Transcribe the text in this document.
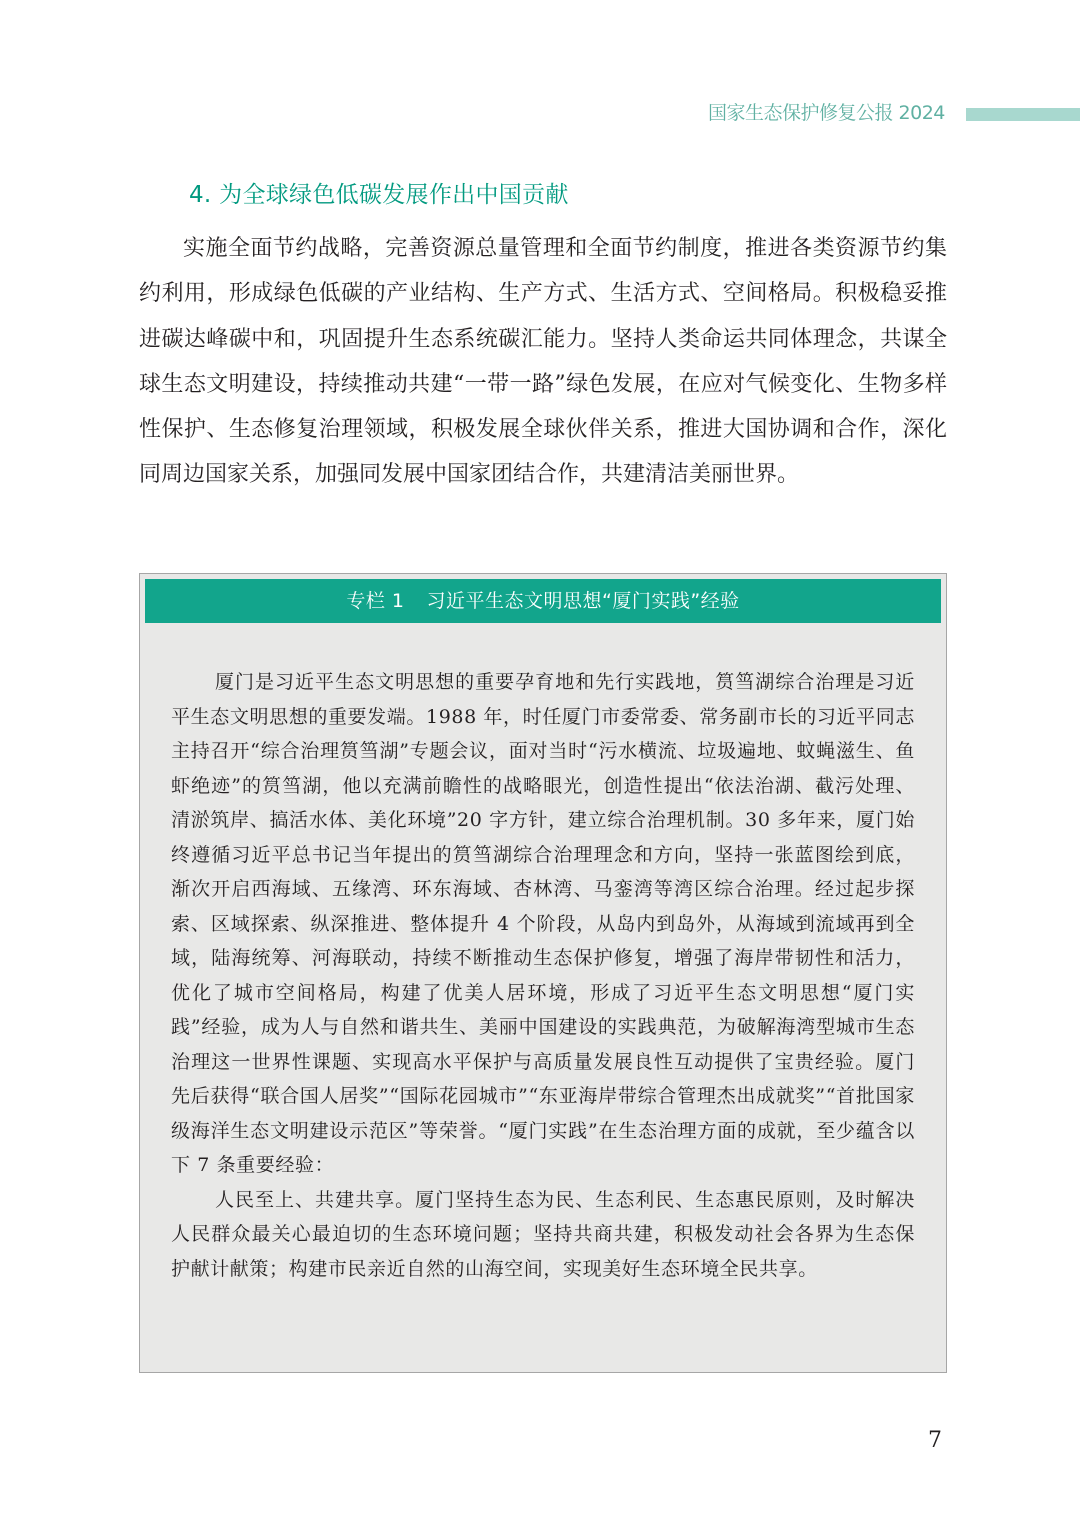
国家生态保护修复公报 2024
4. 为全球绿色低碳发展作出中国贡献

实施全面节约战略，完善资源总量管理和全面节约制度，推进各类资源节约集约利用，形成绿色低碳的产业结构、生产方式、生活方式、空间格局。积极稳妥推进碳达峰碳中和，巩固提升生态系统碳汇能力。坚持人类命运共同体理念，共谋全球生态文明建设，持续推动共建“一带一路”绿色发展，在应对气候变化、生物多样性保护、生态修复治理领域，积极发展全球伙伴关系，推进大国协调和合作，深化同周边国家关系，加强同发展中国家团结合作，共建清洁美丽世界。

专栏 1 习近平生态文明思想“厦门实践”经验

厦门是习近平生态文明思想的重要孕育地和先行实践地，筼筜湖综合治理是习近平生态文明思想的重要发端。1988 年，时任厦门市委常委、常务副市长的习近平同志主持召开“综合治理筼筜湖”专题会议，面对当时“污水横流、垃圾遍地、蚊蝇滋生、鱼虾绝迹”的筼筜湖，他以充满前瞻性的战略眼光，创造性提出“依法治湖、截污处理、清淤筑岸、搞活水体、美化环境”20 字方针，建立综合治理机制。30 多年来，厦门始终遵循习近平总书记当年提出的筼筜湖综合治理理念和方向，坚持一张蓝图绘到底，渐次开启西海域、五缘湾、环东海域、杏林湾、马銮湾等湾区综合治理。经过起步探索、区域探索、纵深推进、整体提升 4 个阶段，从岛内到岛外，从海域到流域再到全域，陆海统筹、河海联动，持续不断推动生态保护修复，增强了海岸带韧性和活力，优化了城市空间格局，构建了优美人居环境，形成了习近平生态文明思想“厦门实践”经验，成为人与自然和谐共生、美丽中国建设的实践典范，为破解海湾型城市生态治理这一世界性课题、实现高水平保护与高质量发展良性互动提供了宝贵经验。厦门先后获得“联合国人居奖”“国际花园城市”“东亚海岸带综合管理杰出成就奖”“首批国家级海洋生态文明建设示范区”等荣誉。“厦门实践”在生态治理方面的成就，至少蕴含以下 7 条重要经验：

人民至上、共建共享。厦门坚持生态为民、生态利民、生态惠民原则，及时解决人民群众最关心最迫切的生态环境问题；坚持共商共建，积极发动社会各界为生态保护献计献策；构建市民亲近自然的山海空间，实现美好生态环境全民共享。

7
